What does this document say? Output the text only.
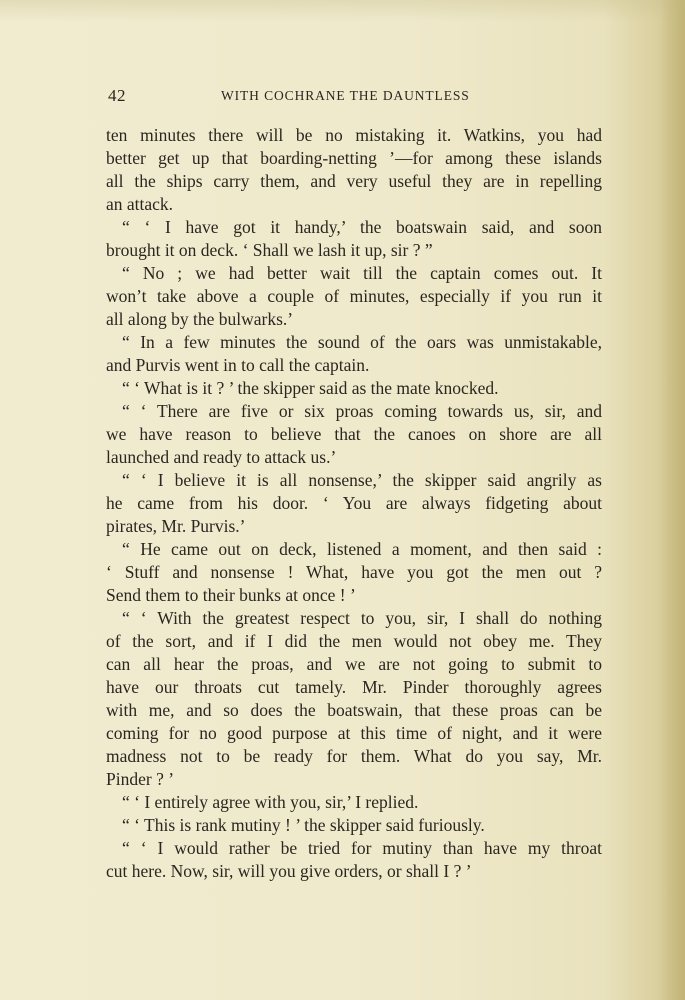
42	WITH COCHRANE THE DAUNTLESS
ten minutes there will be no mistaking it. Watkins, you had
better get up that boarding-netting ’—for among these islands
all the ships carry them, and very useful they are in repelling
an attack.
“ ‘ I have got it handy,’ the boatswain said, and soon
brought it on deck. ‘ Shall we lash it up, sir ? ”
“ No ; we had better wait till the captain comes out. It
won’t take above a couple of minutes, especially if you run it
all along by the bulwarks.’
“ In a few minutes the sound of the oars was unmistakable,
and Purvis went in to call the captain.
“ ‘ What is it ? ’ the skipper said as the mate knocked.
“ ‘ There are five or six proas coming towards us, sir, and
we have reason to believe that the canoes on shore are all
launched and ready to attack us.’
“ ‘ I believe it is all nonsense,’ the skipper said angrily as
he came from his door. ‘ You are always fidgeting about
pirates, Mr. Purvis.’
“ He came out on deck, listened a moment, and then said :
‘ Stuff and nonsense ! What, have you got the men out ?
Send them to their bunks at once ! ’
“ ‘ With the greatest respect to you, sir, I shall do nothing
of the sort, and if I did the men would not obey me. They
can all hear the proas, and we are not going to submit to
have our throats cut tamely. Mr. Pinder thoroughly agrees
with me, and so does the boatswain, that these proas can be
coming for no good purpose at this time of night, and it were
madness not to be ready for them. What do you say, Mr.
Pinder ? ’
“ ‘ I entirely agree with you, sir,’ I replied.
“ ‘ This is rank mutiny ! ’ the skipper said furiously.
“ ‘ I would rather be tried for mutiny than have my throat
cut here. Now, sir, will you give orders, or shall I ? ’
